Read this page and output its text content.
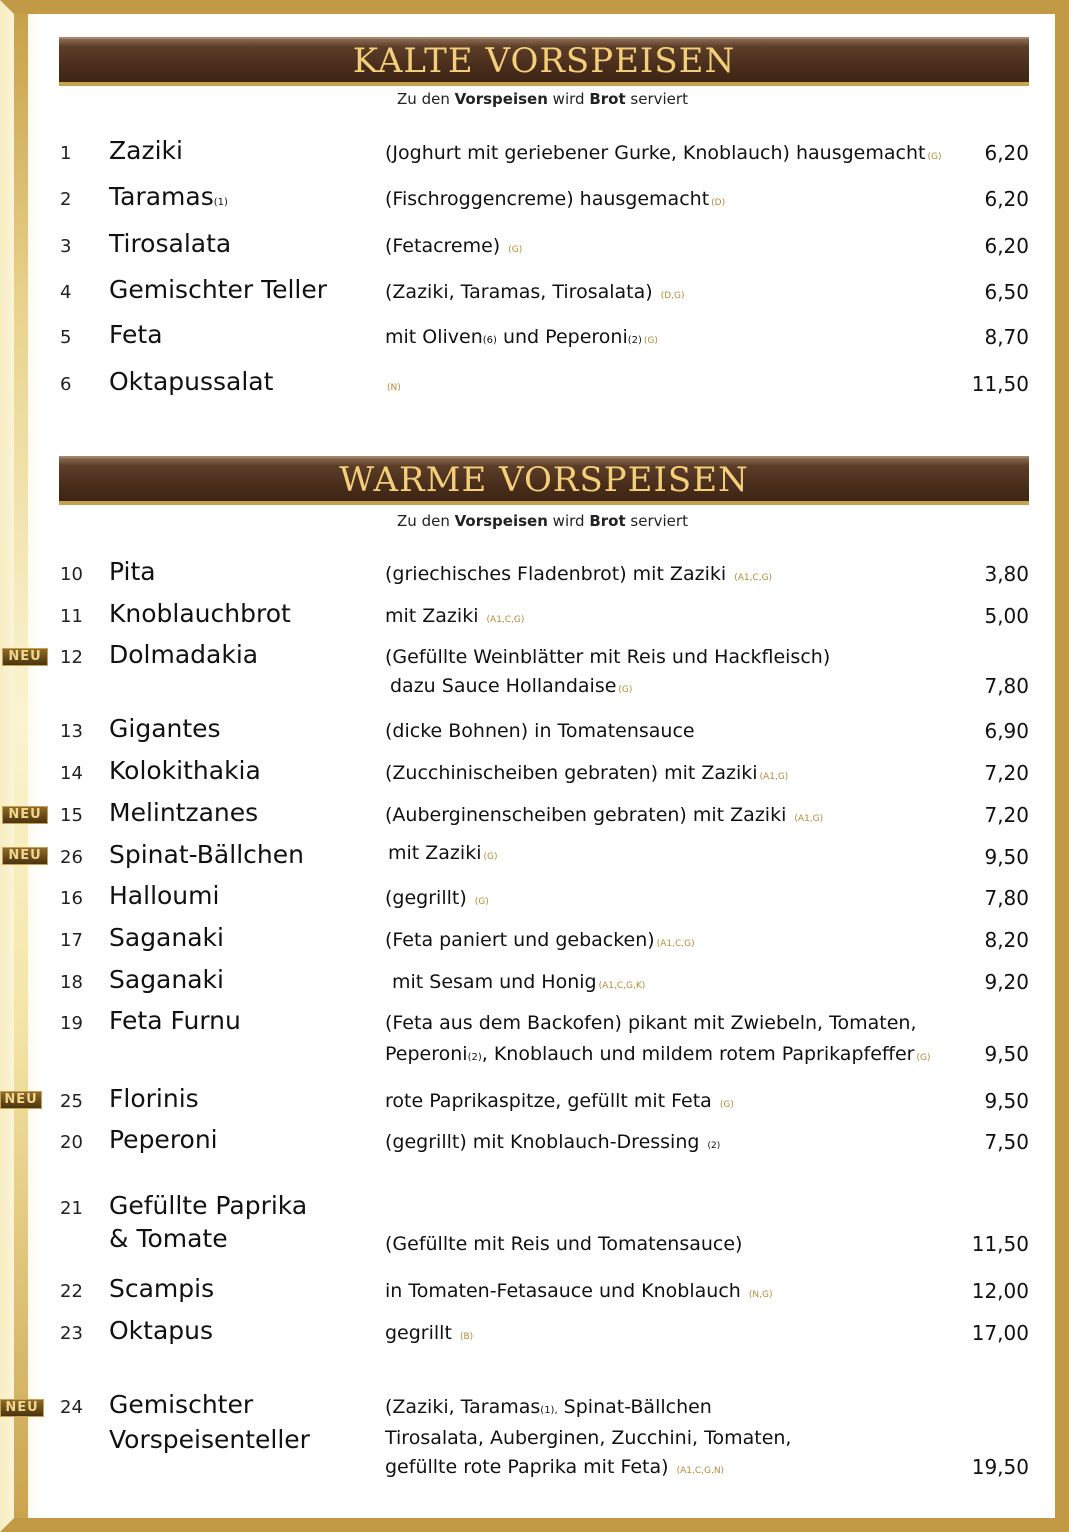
KALTE VORSPEISEN
Zu den Vorspeisen wird Brot serviert
1 Zaziki	(Joghurt mit geriebener Gurke, Knoblauch) hausgemacht (G) 6,20
2 Taramas(1)	(Fischroggencreme) hausgemacht (D)	6,20
3 Tirosalata	(Fetacreme) (G)	6,20
4 Gemischter Teller	(Zaziki, Taramas, Tirosalata) (D,G)	6,50
5 Feta	mit Oliven(6) und Peperoni(2) (G)	8,70
6 Oktapussalat	(N)	11,50
WARME VORSPEISEN
Zu den Vorspeisen wird Brot serviert
10 Pita	(griechisches Fladenbrot) mit Zaziki (A1,C,G)	3,80
11 Knoblauchbrot	mit Zaziki (A1,C,G)	5,00
NEU	12 Dolmadakia	(Gefüllte Weinblätter mit Reis und Hackfleisch)
dazu Sauce Hollandaise (G)	7,80
13 Gigantes	(dicke Bohnen) in Tomatensauce	6,90
14 Kolokithakia	(Zucchinischeiben gebraten) mit Zaziki (A1,G)	7,20
NEU	15 Melintzanes	(Auberginenscheiben gebraten) mit Zaziki (A1,G)	7,20
NEU	26 Spinat-Bällchen	mit Zaziki (G)	9,50
16 Halloumi	(gegrillt) (G)	7,80
17 Saganaki	(Feta paniert und gebacken) (A1,C,G)	8,20
18 Saganaki	mit Sesam und Honig (A1,C,G,K)	9,20
19 Feta Furnu	(Feta aus dem Backofen) pikant mit Zwiebeln, Tomaten,
Peperoni(2), Knoblauch und mildem rotem Paprikapfeffer (G)	9,50
NEU 25 Florinis	rote Paprikaspitze, gefüllt mit Feta (G)	9,50
20 Peperoni	(gegrillt) mit Knoblauch-Dressing (2)	7,50
21 Gefüllte Paprika
& Tomate	(Gefüllte mit Reis und Tomatensauce)	11,50
22 Scampis	in Tomaten-Fetasauce und Knoblauch (N,G)	12,00
23 Oktapus	gegrillt (B)	17,00
NEU 24 Gemischter
Vorspeisenteller
(Zaziki, Taramas(1), Spinat-Bällchen
Tirosalata, Auberginen, Zucchini, Tomaten,
gefüllte rote Paprika mit Feta) (A1,C,G,N)	19,50
